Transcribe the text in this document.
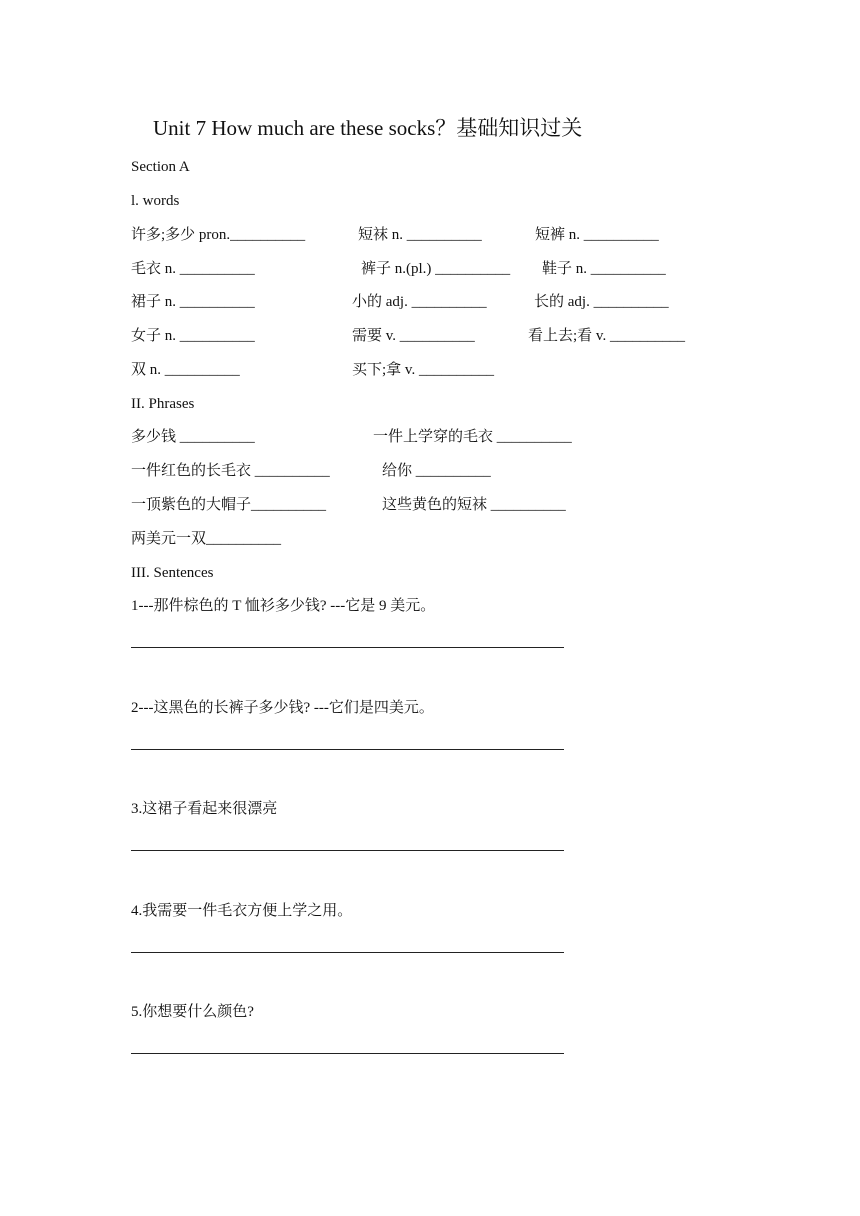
Unit 7 How much are these socks？基础知识过关
Section A
l. words
许多;多少 pron.__________	短袜 n. __________	短裤 n. __________
毛衣 n. __________	裤子 n.(pl.) __________ 鞋子 n. __________
裙子 n. __________	小的 adj. __________	长的 adj. __________
女子 n. __________	需要 v. __________	看上去;看 v. __________
双 n. __________	买下;拿 v. __________
II. Phrases
多少钱 __________	一件上学穿的毛衣 __________
一件红色的长毛衣 __________	给你 __________
一顶紫色的大帽子__________	这些黄色的短袜 __________
两美元一双__________
III. Sentences
1---那件棕色的 T 恤衫多少钱? ---它是 9 美元。
2---这黑色的长裤子多少钱? ---它们是四美元。
3.这裙子看起来很漂亮
4.我需要一件毛衣方便上学之用。
5.你想要什么颜色?
